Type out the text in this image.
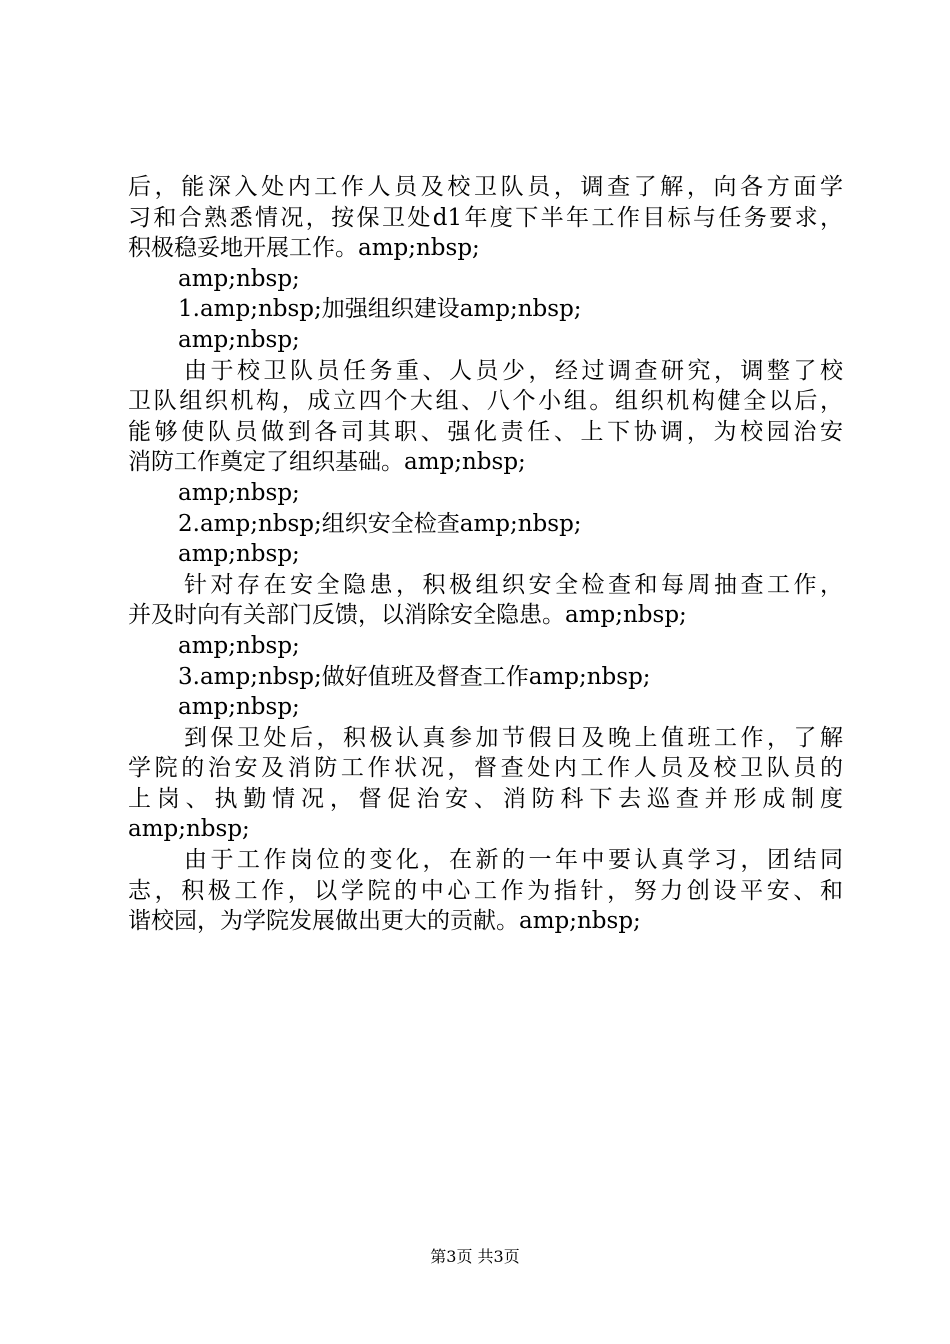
后，能深入处内工作人员及校卫队员，调查了解，向各方面学
习和合熟悉情况，按保卫处d1年度下半年工作目标与任务要求，
积极稳妥地开展工作。amp;nbsp;
amp;nbsp;
1.amp;nbsp;加强组织建设amp;nbsp;
amp;nbsp;
由于校卫队员任务重、人员少，经过调查研究，调整了校
卫队组织机构，成立四个大组、八个小组。组织机构健全以后，
能够使队员做到各司其职、强化责任、上下协调，为校园治安
消防工作奠定了组织基础。amp;nbsp;
amp;nbsp;
2.amp;nbsp;组织安全检查amp;nbsp;
amp;nbsp;
针对存在安全隐患，积极组织安全检查和每周抽查工作，
并及时向有关部门反馈，以消除安全隐患。amp;nbsp;
amp;nbsp;
3.amp;nbsp;做好值班及督查工作amp;nbsp;
amp;nbsp;
到保卫处后，积极认真参加节假日及晚上值班工作，了解
学院的治安及消防工作状况，督查处内工作人员及校卫队员的
上岗、执勤情况，督促治安、消防科下去巡查并形成制度
amp;nbsp;
由于工作岗位的变化，在新的一年中要认真学习，团结同
志，积极工作，以学院的中心工作为指针，努力创设平安、和
谐校园，为学院发展做出更大的贡献。amp;nbsp;
第3页 共3页
